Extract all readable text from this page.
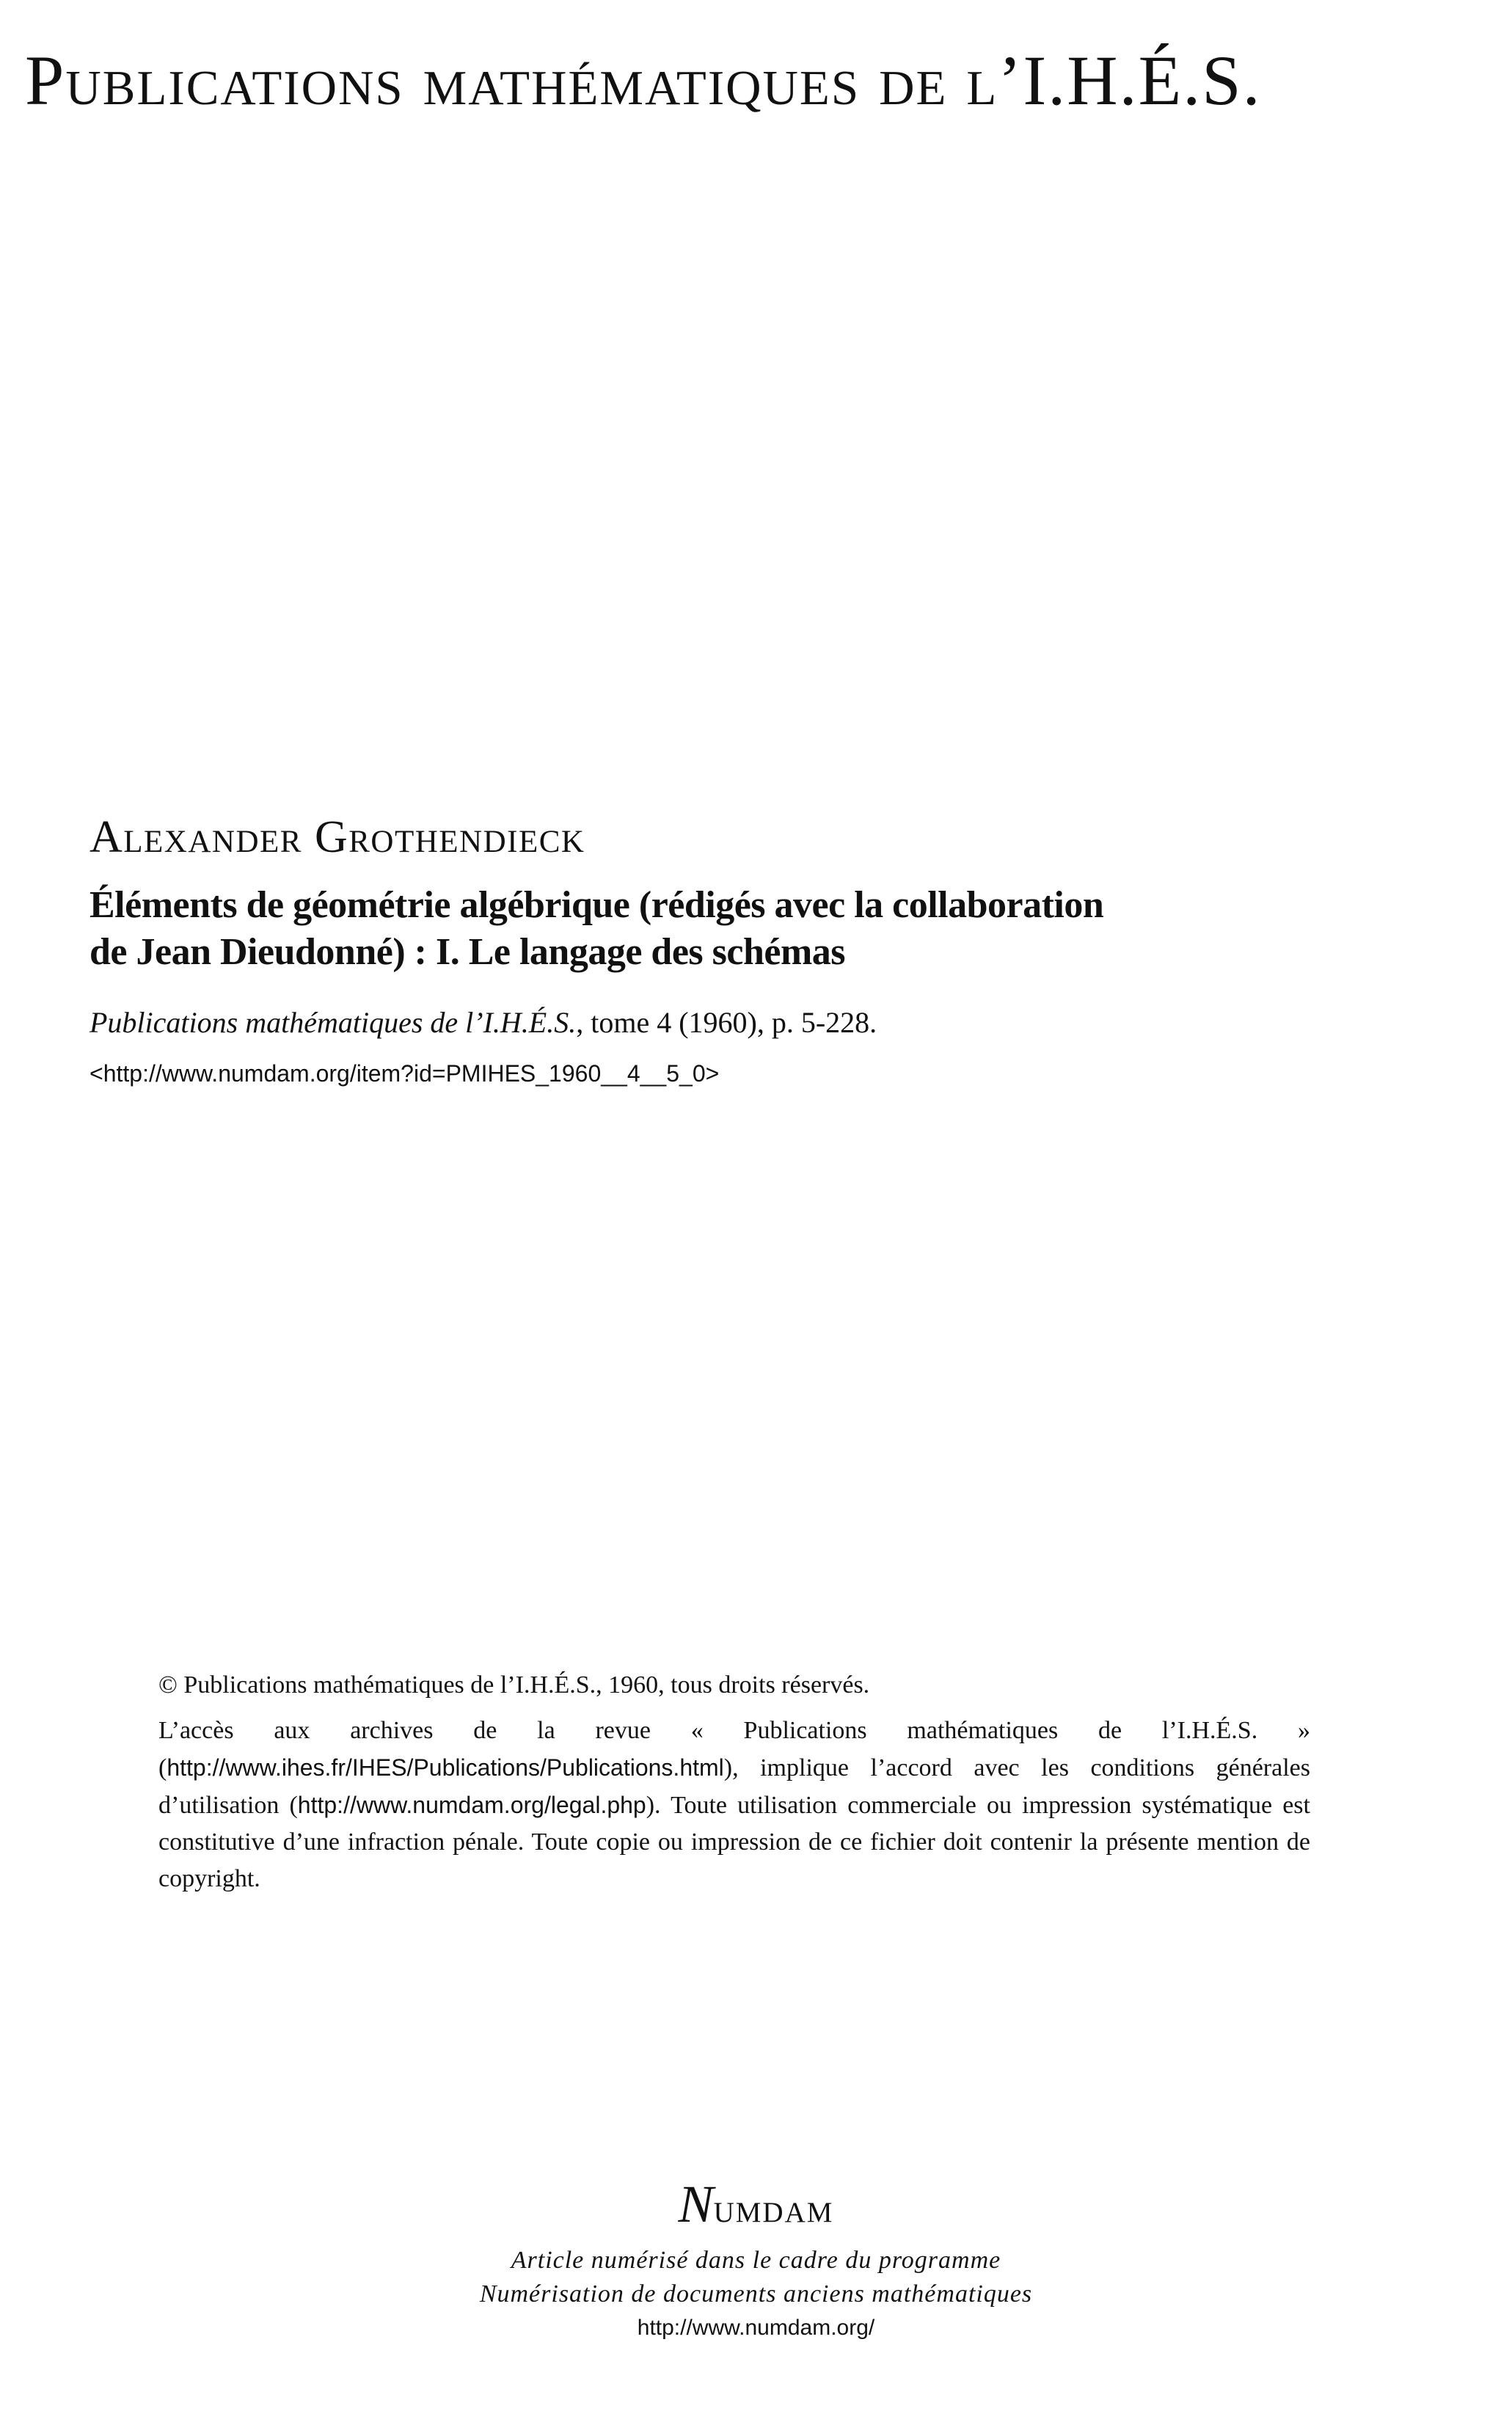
Publications mathématiques de l’I.H.É.S.

Alexander Grothendieck

Éléments de géométrie algébrique (rédigés avec la collaboration
de Jean Dieudonné) : I. Le langage des schémas

Publications mathématiques de l’I.H.É.S., tome 4 (1960), p. 5-228.

<http://www.numdam.org/item?id=PMIHES_1960__4__5_0>

© Publications mathématiques de l’I.H.É.S., 1960, tous droits réservés.

L’accès aux archives de la revue « Publications mathématiques de l’I.H.É.S. » (http://www.ihes.fr/IHES/Publications/Publications.html), implique l’accord avec les conditions générales d’utilisation (http://www.numdam.org/legal.php). Toute utilisation commerciale ou impression systématique est constitutive d’une infraction pénale. Toute copie ou impression de ce fichier doit contenir la présente mention de copyright.

Numdam

Article numérisé dans le cadre du programme

Numérisation de documents anciens mathématiques

http://www.numdam.org/
